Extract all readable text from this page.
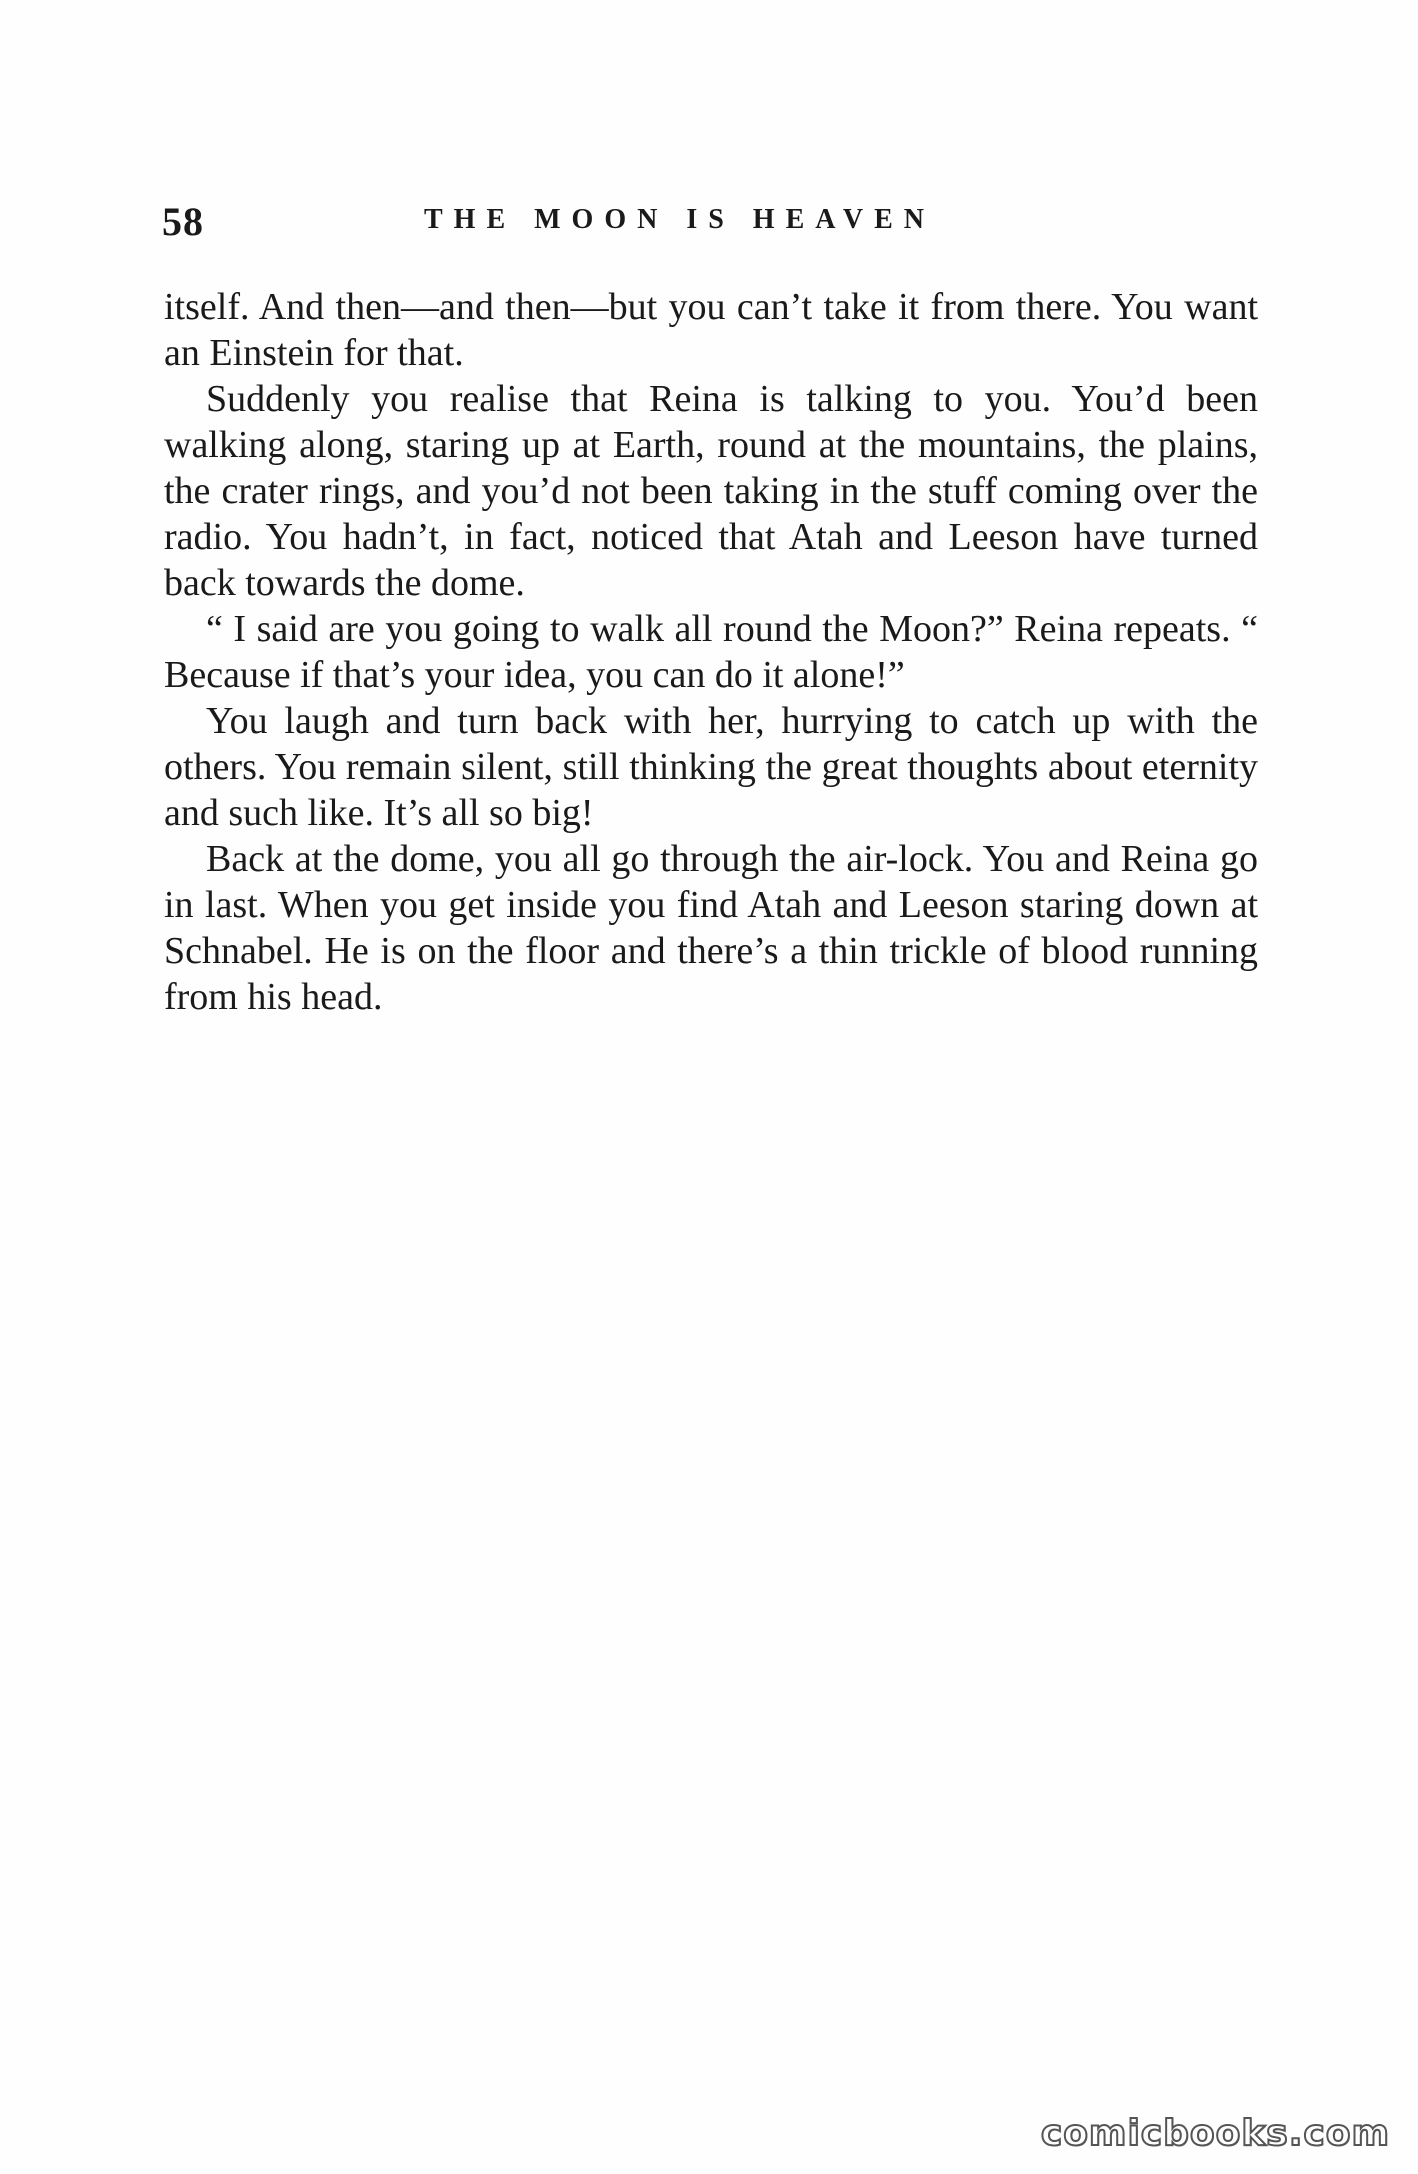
58	THE MOON IS HEAVEN

itself. And then—and then—but you can’t take it from there. You want an Einstein for that.

Suddenly you realise that Reina is talking to you. You’d been walking along, staring up at Earth, round at the mountains, the plains, the crater rings, and you’d not been taking in the stuff coming over the radio. You hadn’t, in fact, noticed that Atah and Leeson have turned back towards the dome.

“ I said are you going to walk all round the Moon?” Reina repeats. “ Because if that’s your idea, you can do it alone!”

You laugh and turn back with her, hurrying to catch up with the others. You remain silent, still thinking the great thoughts about eternity and such like. It’s all so big!

Back at the dome, you all go through the air-lock. You and Reina go in last. When you get inside you find Atah and Leeson staring down at Schnabel. He is on the floor and there’s a thin trickle of blood running from his head.

comicbooks.com
